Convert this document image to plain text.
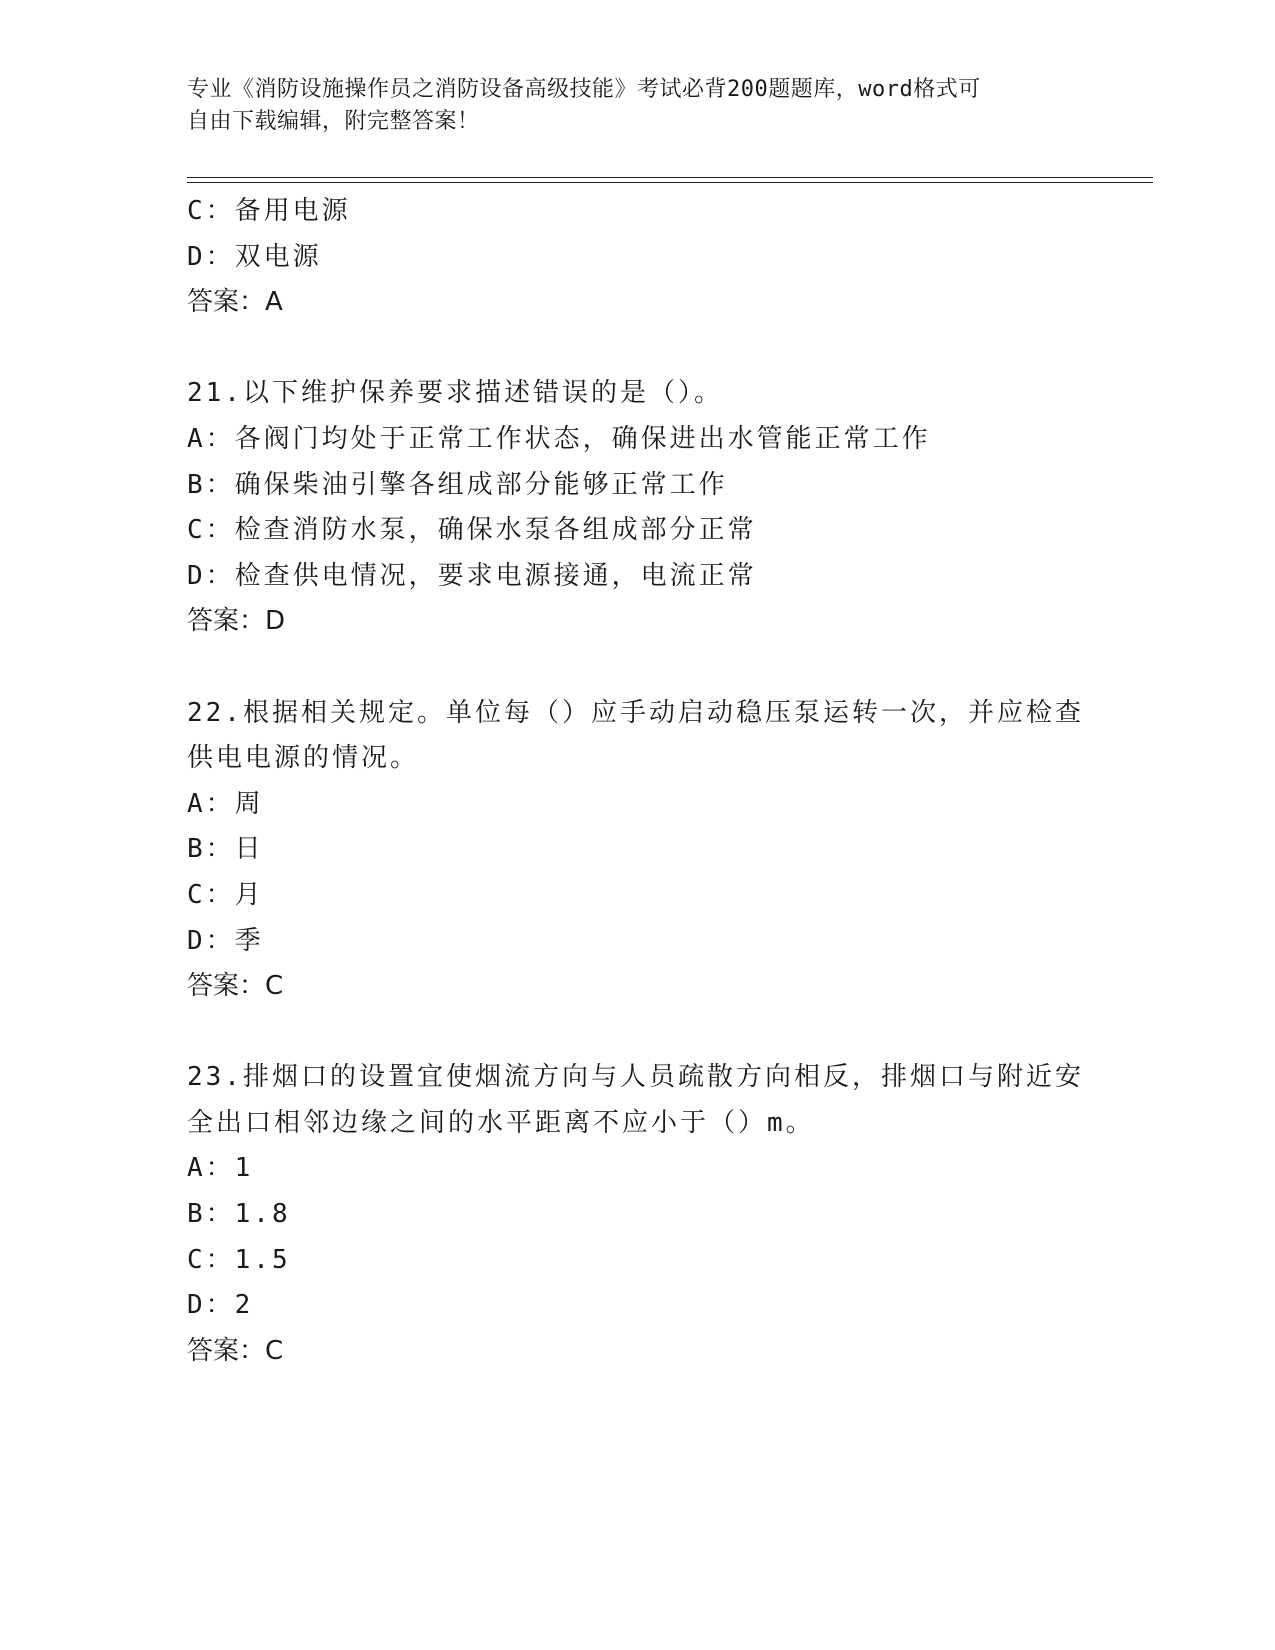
专业《消防设施操作员之消防设备高级技能》考试必背200题题库，word格式可
自由下载编辑，附完整答案！
C：备用电源
D：双电源
答案：A
21.以下维护保养要求描述错误的是（）。
A：各阀门均处于正常工作状态，确保进出水管能正常工作
B：确保柴油引擎各组成部分能够正常工作
C：检查消防水泵，确保水泵各组成部分正常
D：检查供电情况，要求电源接通，电流正常
答案：D
22.根据相关规定。单位每（）应手动启动稳压泵运转一次，并应检查
供电电源的情况。
A：周
B：日
C：月
D：季
答案：C
23.排烟口的设置宜使烟流方向与人员疏散方向相反，排烟口与附近安
全出口相邻边缘之间的水平距离不应小于（）m。
A：1
B：1.8
C：1.5
D：2
答案：C
